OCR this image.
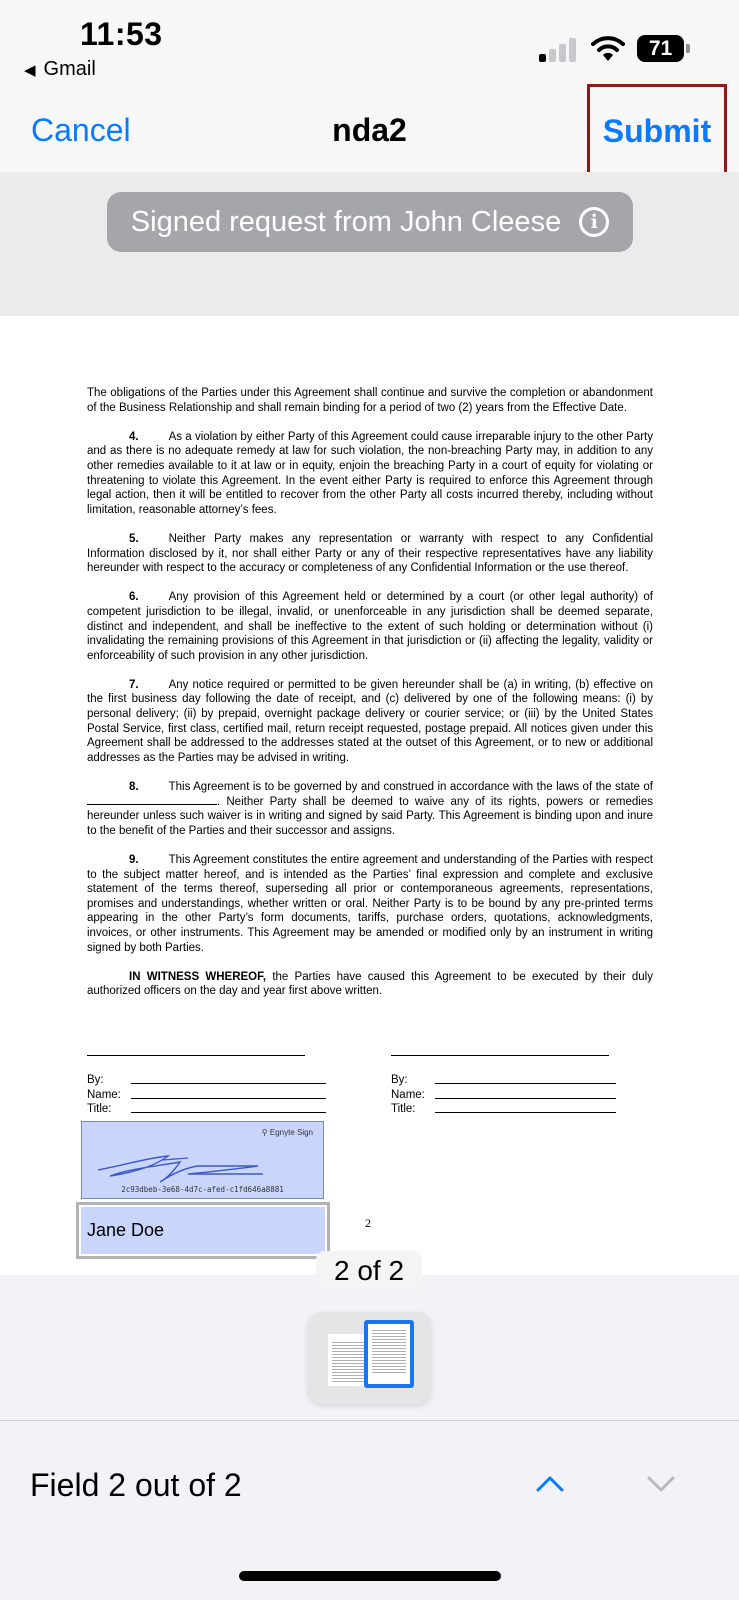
11:53
◀ Gmail
71
Cancel	nda2	Submit
Signed request from John Cleese	i

The obligations of the Parties under this Agreement shall continue and survive the completion or abandonment of the Business Relationship and shall remain binding for a period of two (2) years from the Effective Date.

4.	As a violation by either Party of this Agreement could cause irreparable injury to the other Party and as there is no adequate remedy at law for such violation, the non-breaching Party may, in addition to any other remedies available to it at law or in equity, enjoin the breaching Party in a court of equity for violating or threatening to violate this Agreement. In the event either Party is required to enforce this Agreement through legal action, then it will be entitled to recover from the other Party all costs incurred thereby, including without limitation, reasonable attorney’s fees.

5.	Neither Party makes any representation or warranty with respect to any Confidential Information disclosed by it, nor shall either Party or any of their respective representatives have any liability hereunder with respect to the accuracy or completeness of any Confidential Information or the use thereof.

6.	Any provision of this Agreement held or determined by a court (or other legal authority) of competent jurisdiction to be illegal, invalid, or unenforceable in any jurisdiction shall be deemed separate, distinct and independent, and shall be ineffective to the extent of such holding or determination without (i) invalidating the remaining provisions of this Agreement in that jurisdiction or (ii) affecting the legality, validity or enforceability of such provision in any other jurisdiction.

7.	Any notice required or permitted to be given hereunder shall be (a) in writing, (b) effective on the first business day following the date of receipt, and (c) delivered by one of the following means: (i) by personal delivery; (ii) by prepaid, overnight package delivery or courier service; or (iii) by the United States Postal Service, first class, certified mail, return receipt requested, postage prepaid. All notices given under this Agreement shall be addressed to the addresses stated at the outset of this Agreement, or to new or additional addresses as the Parties may be advised in writing.

8.	This Agreement is to be governed by and construed in accordance with the laws of the state of . Neither Party shall be deemed to waive any of its rights, powers or remedies hereunder unless such waiver is in writing and signed by said Party. This Agreement is binding upon and inure to the benefit of the Parties and their successor and assigns.

9.	This Agreement constitutes the entire agreement and understanding of the Parties with respect to the subject matter hereof, and is intended as the Parties’ final expression and complete and exclusive statement of the terms thereof, superseding all prior or contemporaneous agreements, representations, promises and understandings, whether written or oral. Neither Party is to be bound by any pre-printed terms appearing in the other Party’s form documents, tariffs, purchase orders, quotations, acknowledgments, invoices, or other instruments. This Agreement may be amended or modified only by an instrument in writing signed by both Parties.

IN WITNESS WHEREOF, the Parties have caused this Agreement to be executed by their duly authorized officers on the day and year first above written.

By:
Name:
Title:
By:
Name:
Title:
⚲ Egnyte Sign
2c93dbeb-3e68-4d7c-afed-c1fd646a8881
Jane Doe	2
2 of 2
Field 2 out of 2
